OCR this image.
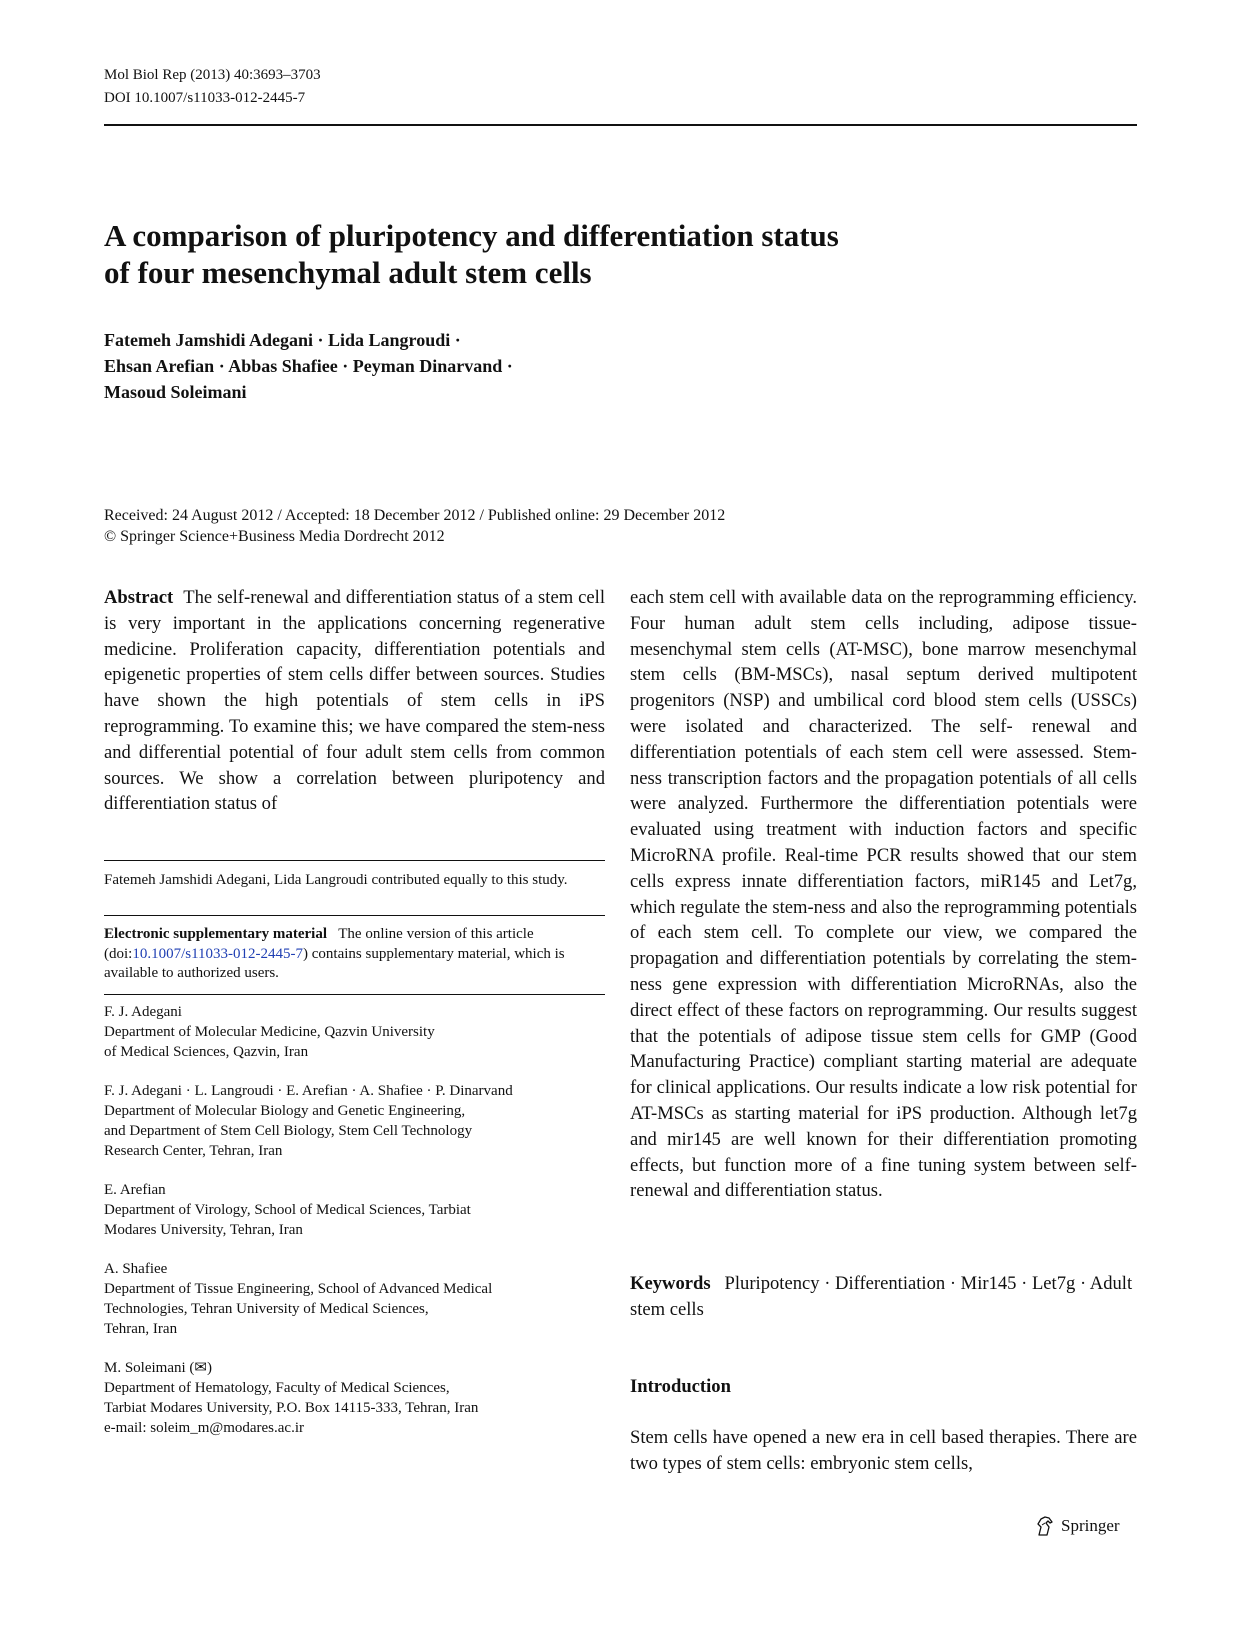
Mol Biol Rep (2013) 40:3693–3703
DOI 10.1007/s11033-012-2445-7
A comparison of pluripotency and differentiation status
of four mesenchymal adult stem cells
Fatemeh Jamshidi Adegani · Lida Langroudi ·
Ehsan Arefian · Abbas Shafiee · Peyman Dinarvand ·
Masoud Soleimani
Received: 24 August 2012 / Accepted: 18 December 2012 / Published online: 29 December 2012
© Springer Science+Business Media Dordrecht 2012

Abstract The self-renewal and differentiation status of a stem cell is very important in the applications concerning regenerative medicine. Proliferation capacity, differentiation potentials and epigenetic properties of stem cells differ between sources. Studies have shown the high potentials of stem cells in iPS reprogramming. To examine this; we have compared the stem-ness and differential potential of four adult stem cells from common sources. We show a correlation between pluripotency and differentiation status of

Fatemeh Jamshidi Adegani, Lida Langroudi contributed equally to this study.

Electronic supplementary material The online version of this article (doi:10.1007/s11033-012-2445-7) contains supplementary material, which is available to authorized users.

F. J. Adegani
Department of Molecular Medicine, Qazvin University
of Medical Sciences, Qazvin, Iran
F. J. Adegani · L. Langroudi · E. Arefian · A. Shafiee · P. Dinarvand
Department of Molecular Biology and Genetic Engineering,
and Department of Stem Cell Biology, Stem Cell Technology
Research Center, Tehran, Iran
E. Arefian
Department of Virology, School of Medical Sciences, Tarbiat
Modares University, Tehran, Iran
A. Shafiee
Department of Tissue Engineering, School of Advanced Medical
Technologies, Tehran University of Medical Sciences,
Tehran, Iran
M. Soleimani (✉)
Department of Hematology, Faculty of Medical Sciences,
Tarbiat Modares University, P.O. Box 14115-333, Tehran, Iran
e-mail: soleim_m@modares.ac.ir

each stem cell with available data on the reprogramming efficiency. Four human adult stem cells including, adipose tissue-mesenchymal stem cells (AT-MSC), bone marrow mesenchymal stem cells (BM-MSCs), nasal septum derived multipotent progenitors (NSP) and umbilical cord blood stem cells (USSCs) were isolated and characterized. The self- renewal and differentiation potentials of each stem cell were assessed. Stem-ness transcription factors and the propagation potentials of all cells were analyzed. Furthermore the differentiation potentials were evaluated using treatment with induction factors and specific MicroRNA profile. Real-time PCR results showed that our stem cells express innate differentiation factors, miR145 and Let7g, which regulate the stem-ness and also the reprogramming potentials of each stem cell. To complete our view, we compared the propagation and differentiation potentials by correlating the stem-ness gene expression with differentiation MicroRNAs, also the direct effect of these factors on reprogramming. Our results suggest that the potentials of adipose tissue stem cells for GMP (Good Manufacturing Practice) compliant starting material are adequate for clinical applications. Our results indicate a low risk potential for AT-MSCs as starting material for iPS production. Although let7g and mir145 are well known for their differentiation promoting effects, but function more of a fine tuning system between self-renewal and differentiation status.

Keywords Pluripotency · Differentiation · Mir145 · Let7g · Adult stem cells

Introduction

Stem cells have opened a new era in cell based therapies. There are two types of stem cells: embryonic stem cells,

Springer
